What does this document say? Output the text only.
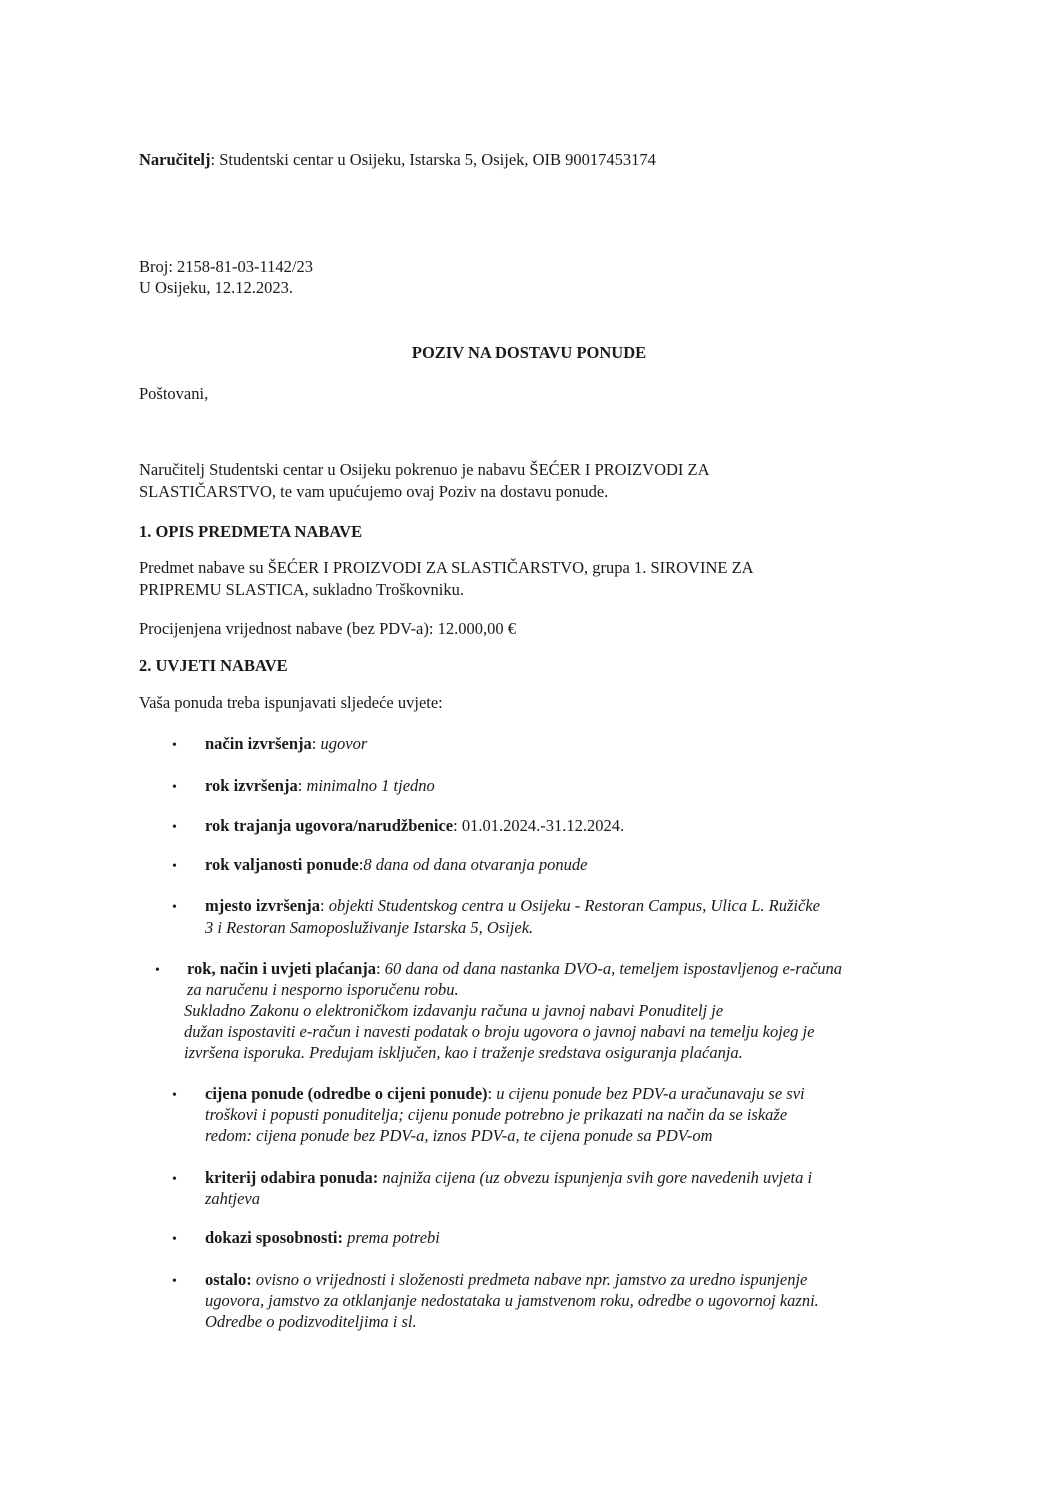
Naručitelj: Studentski centar u Osijeku, Istarska 5, Osijek, OIB 90017453174
Broj: 2158-81-03-1142/23
U Osijeku, 12.12.2023.
POZIV NA DOSTAVU PONUDE
Poštovani,
Naručitelj Studentski centar u Osijeku pokrenuo je nabavu ŠEĆER I PROIZVODI ZA
SLASTIČARSTVO, te vam upućujemo ovaj Poziv na dostavu ponude.
1. OPIS PREDMETA NABAVE
Predmet nabave su ŠEĆER I PROIZVODI ZA SLASTIČARSTVO, grupa 1. SIROVINE ZA
PRIPREMU SLASTICA, sukladno Troškovniku.
Procijenjena vrijednost nabave (bez PDV-a): 12.000,00 €
2. UVJETI NABAVE
Vaša ponuda treba ispunjavati sljedeće uvjete:
• način izvršenja: ugovor
• rok izvršenja: minimalno 1 tjedno
• rok trajanja ugovora/narudžbenice: 01.01.2024.-31.12.2024.
• rok valjanosti ponude:8 dana od dana otvaranja ponude
• mjesto izvršenja: objekti Studentskog centra u Osijeku - Restoran Campus, Ulica L. Ružičke
3 i Restoran Samoposluživanje Istarska 5, Osijek.
• rok, način i uvjeti plaćanja: 60 dana od dana nastanka DVO-a, temeljem ispostavljenog e-računa
za naručenu i nesporno isporučenu robu.
Sukladno Zakonu o elektroničkom izdavanju računa u javnoj nabavi Ponuditelj je
dužan ispostaviti e-račun i navesti podatak o broju ugovora o javnoj nabavi na temelju kojeg je
izvršena isporuka. Predujam isključen, kao i traženje sredstava osiguranja plaćanja.
• cijena ponude (odredbe o cijeni ponude): u cijenu ponude bez PDV-a uračunavaju se svi
troškovi i popusti ponuditelja; cijenu ponude potrebno je prikazati na način da se iskaže
redom: cijena ponude bez PDV-a, iznos PDV-a, te cijena ponude sa PDV-om
• kriterij odabira ponuda: najniža cijena (uz obvezu ispunjenja svih gore navedenih uvjeta i
zahtjeva
• dokazi sposobnosti: prema potrebi
• ostalo: ovisno o vrijednosti i složenosti predmeta nabave npr. jamstvo za uredno ispunjenje
ugovora, jamstvo za otklanjanje nedostataka u jamstvenom roku, odredbe o ugovornoj kazni.
Odredbe o podizvoditeljima i sl.
